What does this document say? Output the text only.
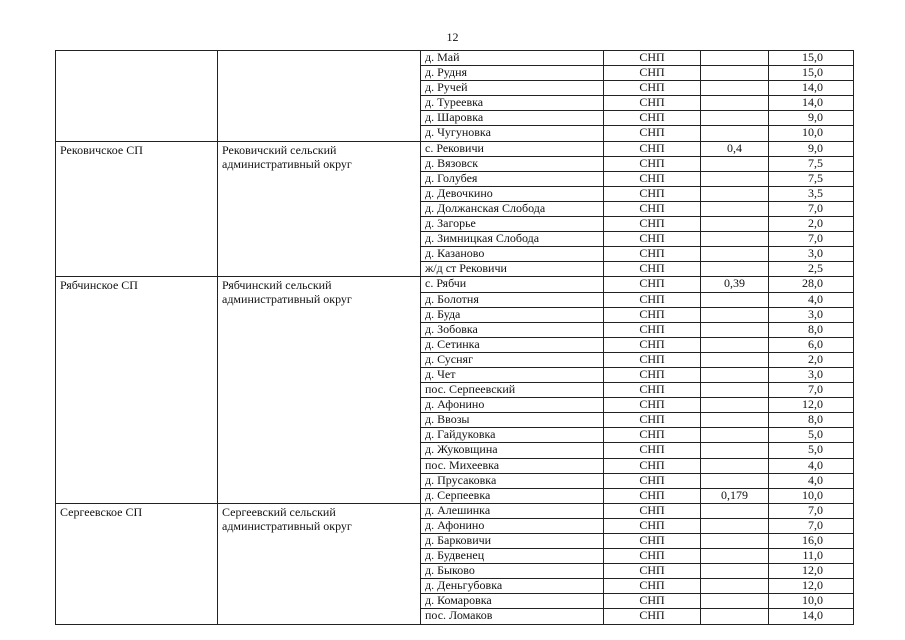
12
		д. Май	СНП		15,0
		д. Рудня	СНП		15,0
		д. Ручей	СНП		14,0
		д. Туреевка	СНП		14,0
		д. Шаровка	СНП		9,0
		д. Чугуновка	СНП		10,0
Рековичское СП	Рековичский сельский административный округ	с. Рековичи	СНП	0,4	9,0
		д. Вязовск	СНП		7,5
		д. Голубея	СНП		7,5
		д. Девочкино	СНП		3,5
		д. Должанская Слобода	СНП		7,0
		д. Загорье	СНП		2,0
		д. Зимницкая Слобода	СНП		7,0
		д. Казаново	СНП		3,0
		ж/д ст Рековичи	СНП		2,5
Рябчинское СП	Рябчинский сельский административный округ	с. Рябчи	СНП	0,39	28,0
		д. Болотня	СНП		4,0
		д. Буда	СНП		3,0
		д. Зобовка	СНП		8,0
		д. Сетинка	СНП		6,0
		д. Сусняг	СНП		2,0
		д. Чет	СНП		3,0
		пос. Серпеевский	СНП		7,0
		д. Афонино	СНП		12,0
		д. Ввозы	СНП		8,0
		д. Гайдуковка	СНП		5,0
		д. Жуковщина	СНП		5,0
		пос. Михеевка	СНП		4,0
		д. Прусаковка	СНП		4,0
		д. Серпеевка	СНП	0,179	10,0
Сергеевское СП	Сергеевский сельский административный округ	д. Алешинка	СНП		7,0
		д. Афонино	СНП		7,0
		д. Барковичи	СНП		16,0
		д. Будвенец	СНП		11,0
		д. Быково	СНП		12,0
		д. Деньгубовка	СНП		12,0
		д. Комаровка	СНП		10,0
		пос. Ломаков	СНП		14,0
